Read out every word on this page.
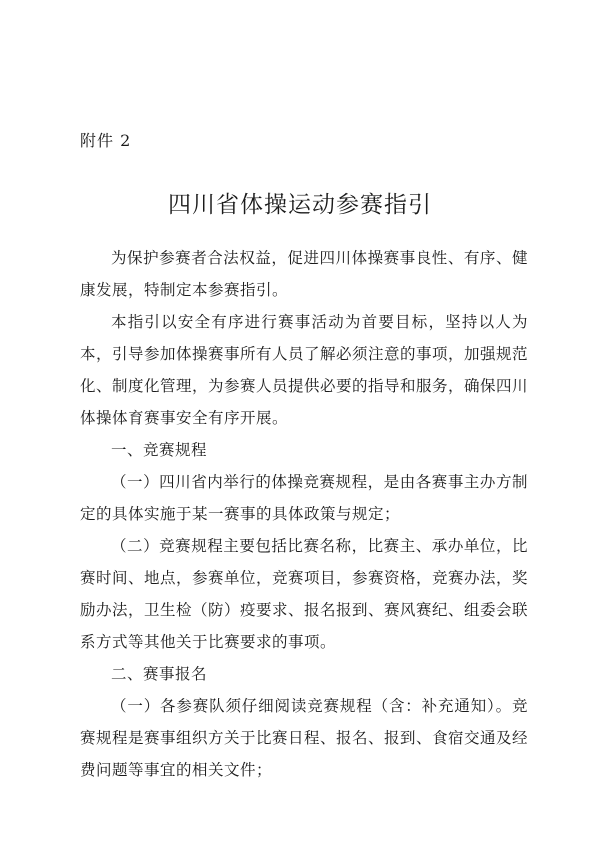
附件 2
四川省体操运动参赛指引

为保护参赛者合法权益，促进四川体操赛事良性、有序、健
康发展，特制定本参赛指引。

本指引以安全有序进行赛事活动为首要目标，坚持以人为
本，引导参加体操赛事所有人员了解必须注意的事项，加强规范
化、制度化管理，为参赛人员提供必要的指导和服务，确保四川
体操体育赛事安全有序开展。

一、竞赛规程

（一）四川省内举行的体操竞赛规程，是由各赛事主办方制
定的具体实施于某一赛事的具体政策与规定；

（二）竞赛规程主要包括比赛名称，比赛主、承办单位，比
赛时间、地点，参赛单位，竞赛项目，参赛资格，竞赛办法，奖
励办法，卫生检（防）疫要求、报名报到、赛风赛纪、组委会联
系方式等其他关于比赛要求的事项。

二、赛事报名

（一）各参赛队须仔细阅读竞赛规程（含：补充通知）。竞
赛规程是赛事组织方关于比赛日程、报名、报到、食宿交通及经
费问题等事宜的相关文件；
